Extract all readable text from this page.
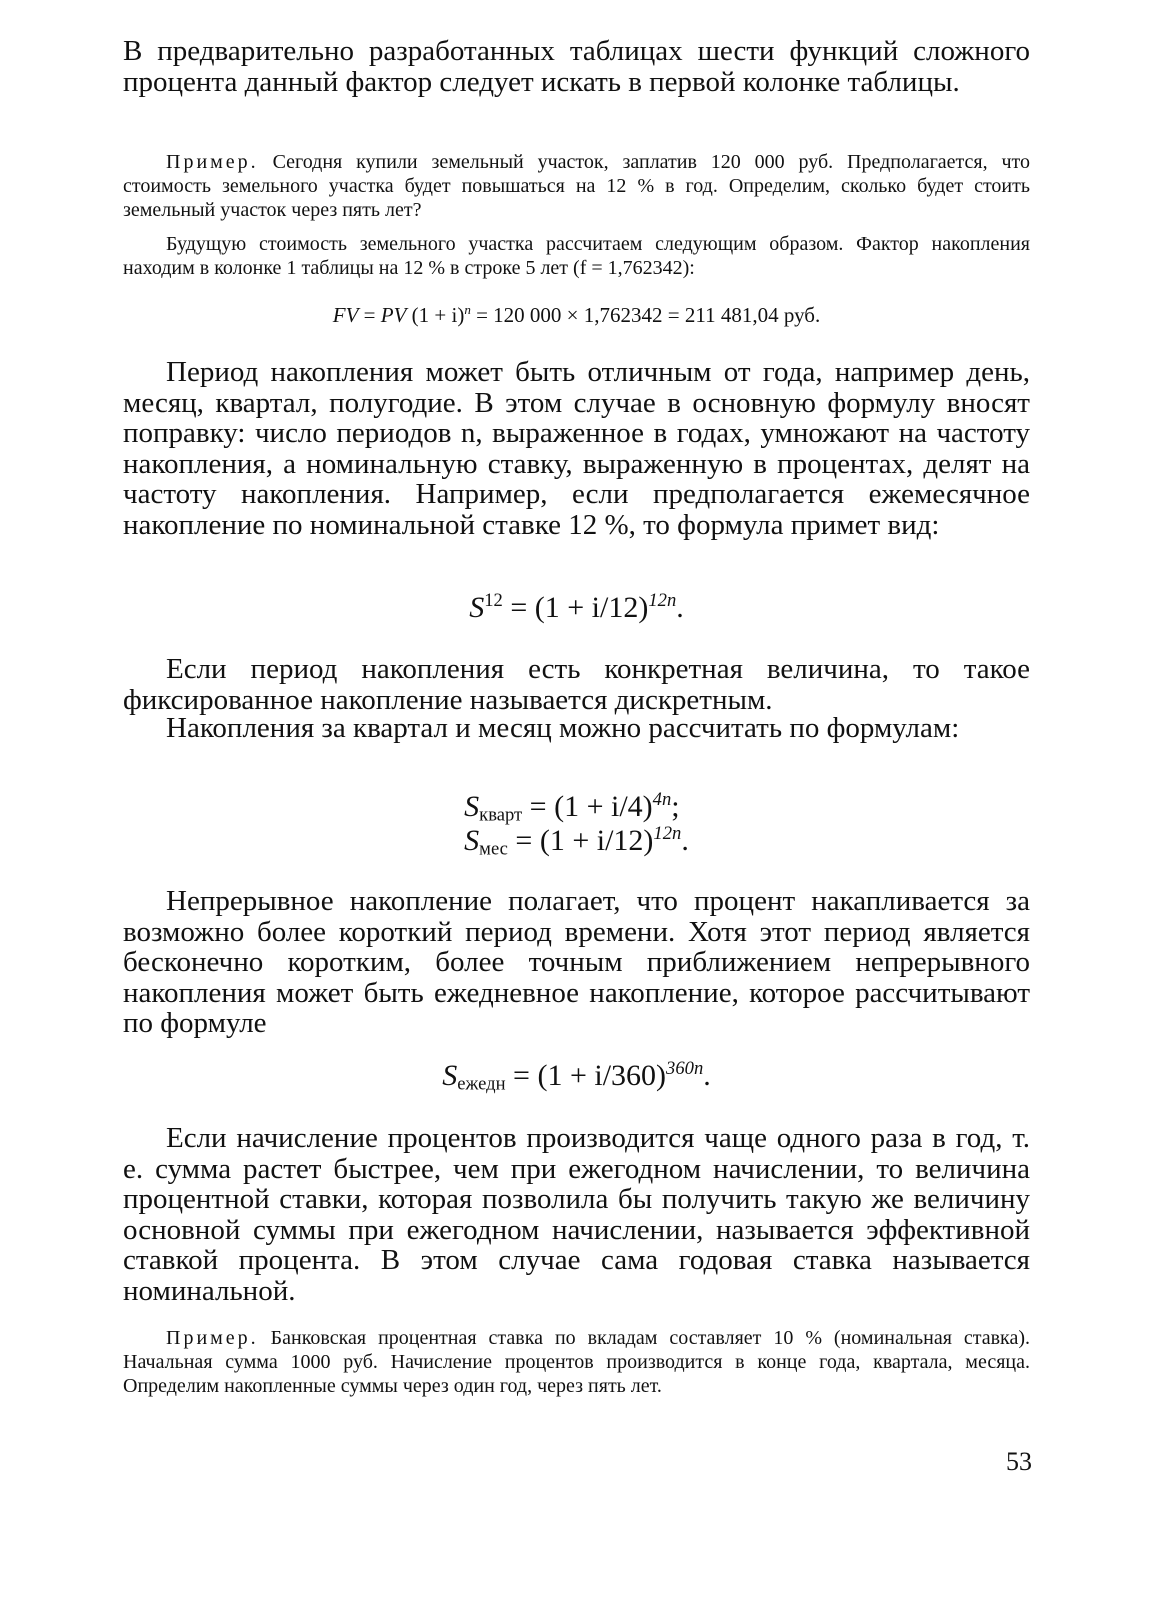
В предварительно разработанных таблицах шести функций сложного процента данный фактор следует искать в первой колонке таблицы.
Пример. Сегодня купили земельный участок, заплатив 120 000 руб. Предполагается, что стоимость земельного участка будет повышаться на 12 % в год. Определим, сколько будет стоить земельный участок через пять лет?
Будущую стоимость земельного участка рассчитаем следующим образом. Фактор накопления находим в колонке 1 таблицы на 12 % в строке 5 лет (f = 1,762342):
FV = PV $(1 + i)^n = 120$ 000 × 1,762342 = 211 481,04 руб.
Период накопления может быть отличным от года, например день, месяц, квартал, полугодие. В этом случае в основную формулу вносят поправку: число периодов n, выраженное в годах, умножают на частоту накопления, а номинальную ставку, выраженную в процентах, делят на частоту накопления. Например, если предполагается ежемесячное накопление по номинальной ставке 12 %, то формула примет вид:
$S^{12} = (1 + i/12)^{12n}$.
Если период накопления есть конкретная величина, то такое фиксированное накопление называется дискретным.
Накопления за квартал и месяц можно рассчитать по формулам:
$S_{кварт} = (1 + i/4)^{4n}$;
$S_{мес} = (1 + i/12)^{12n}$.
Непрерывное накопление полагает, что процент накапливается за возможно более короткий период времени. Хотя этот период является бесконечно коротким, более точным приближением непрерывного накопления может быть ежедневное накопление, которое рассчитывают по формуле
$S_{ежедн} = (1 + i/360)^{360n}$.
Если начисление процентов производится чаще одного раза в год, т. е. сумма растет быстрее, чем при ежегодном начислении, то величина процентной ставки, которая позволила бы получить такую же величину основной суммы при ежегодном начислении, называется эффективной ставкой процента. В этом случае сама годовая ставка называется номинальной.
Пример. Банковская процентная ставка по вкладам составляет 10 % (номинальная ставка). Начальная сумма 1000 руб. Начисление процентов производится в конце года, квартала, месяца. Определим накопленные суммы через один год, через пять лет.
53
